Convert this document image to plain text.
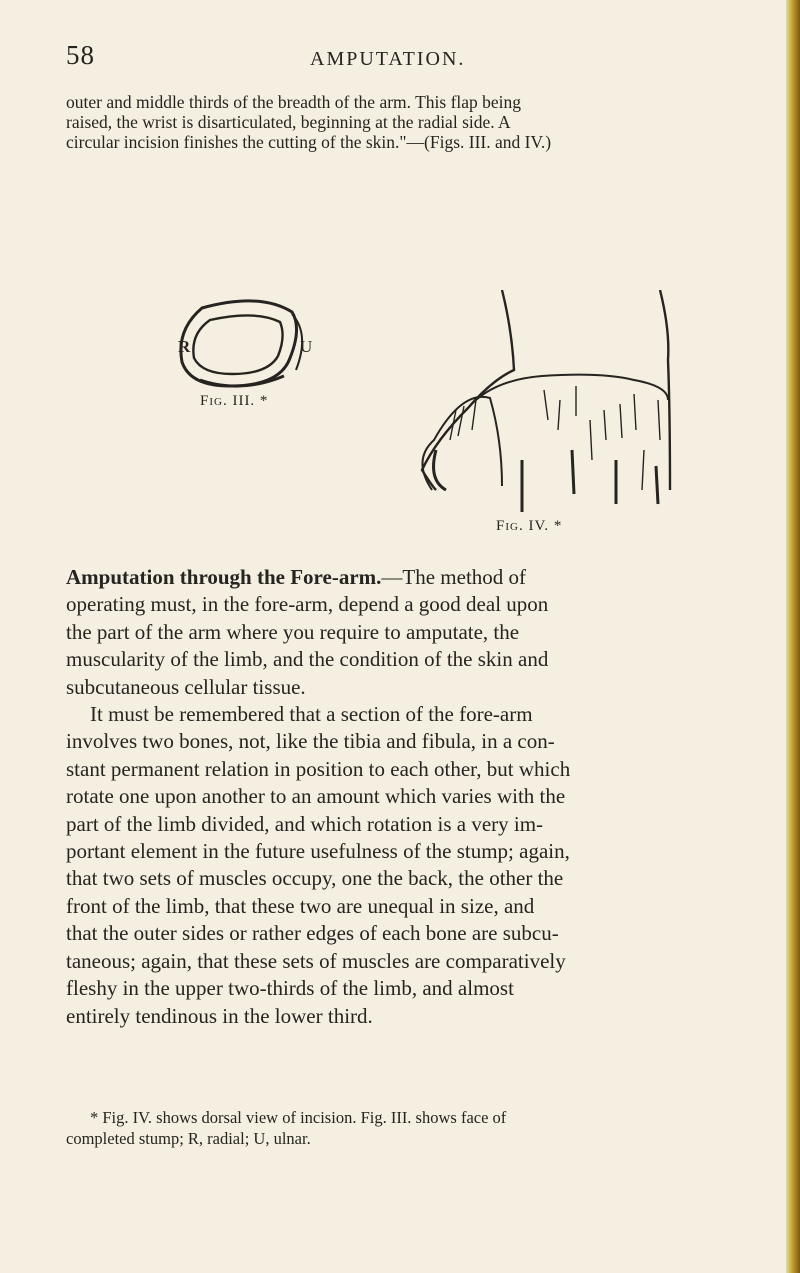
58	AMPUTATION.
outer and middle thirds of the breadth of the arm. This flap being
raised, the wrist is disarticulated, beginning at the radial side. A
circular incision finishes the cutting of the skin."—(Figs. III. and IV.)
R	U
Fig. III. *
Fig. IV. *
Amputation through the Fore-arm.—The method of
operating must, in the fore-arm, depend a good deal upon
the part of the arm where you require to amputate, the
muscularity of the limb, and the condition of the skin and
subcutaneous cellular tissue.
It must be remembered that a section of the fore-arm
involves two bones, not, like the tibia and fibula, in a con-
stant permanent relation in position to each other, but which
rotate one upon another to an amount which varies with the
part of the limb divided, and which rotation is a very im-
portant element in the future usefulness of the stump; again,
that two sets of muscles occupy, one the back, the other the
front of the limb, that these two are unequal in size, and
that the outer sides or rather edges of each bone are subcu-
taneous; again, that these sets of muscles are comparatively
fleshy in the upper two-thirds of the limb, and almost
entirely tendinous in the lower third.
* Fig. IV. shows dorsal view of incision. Fig. III. shows face of
completed stump; R, radial; U, ulnar.
